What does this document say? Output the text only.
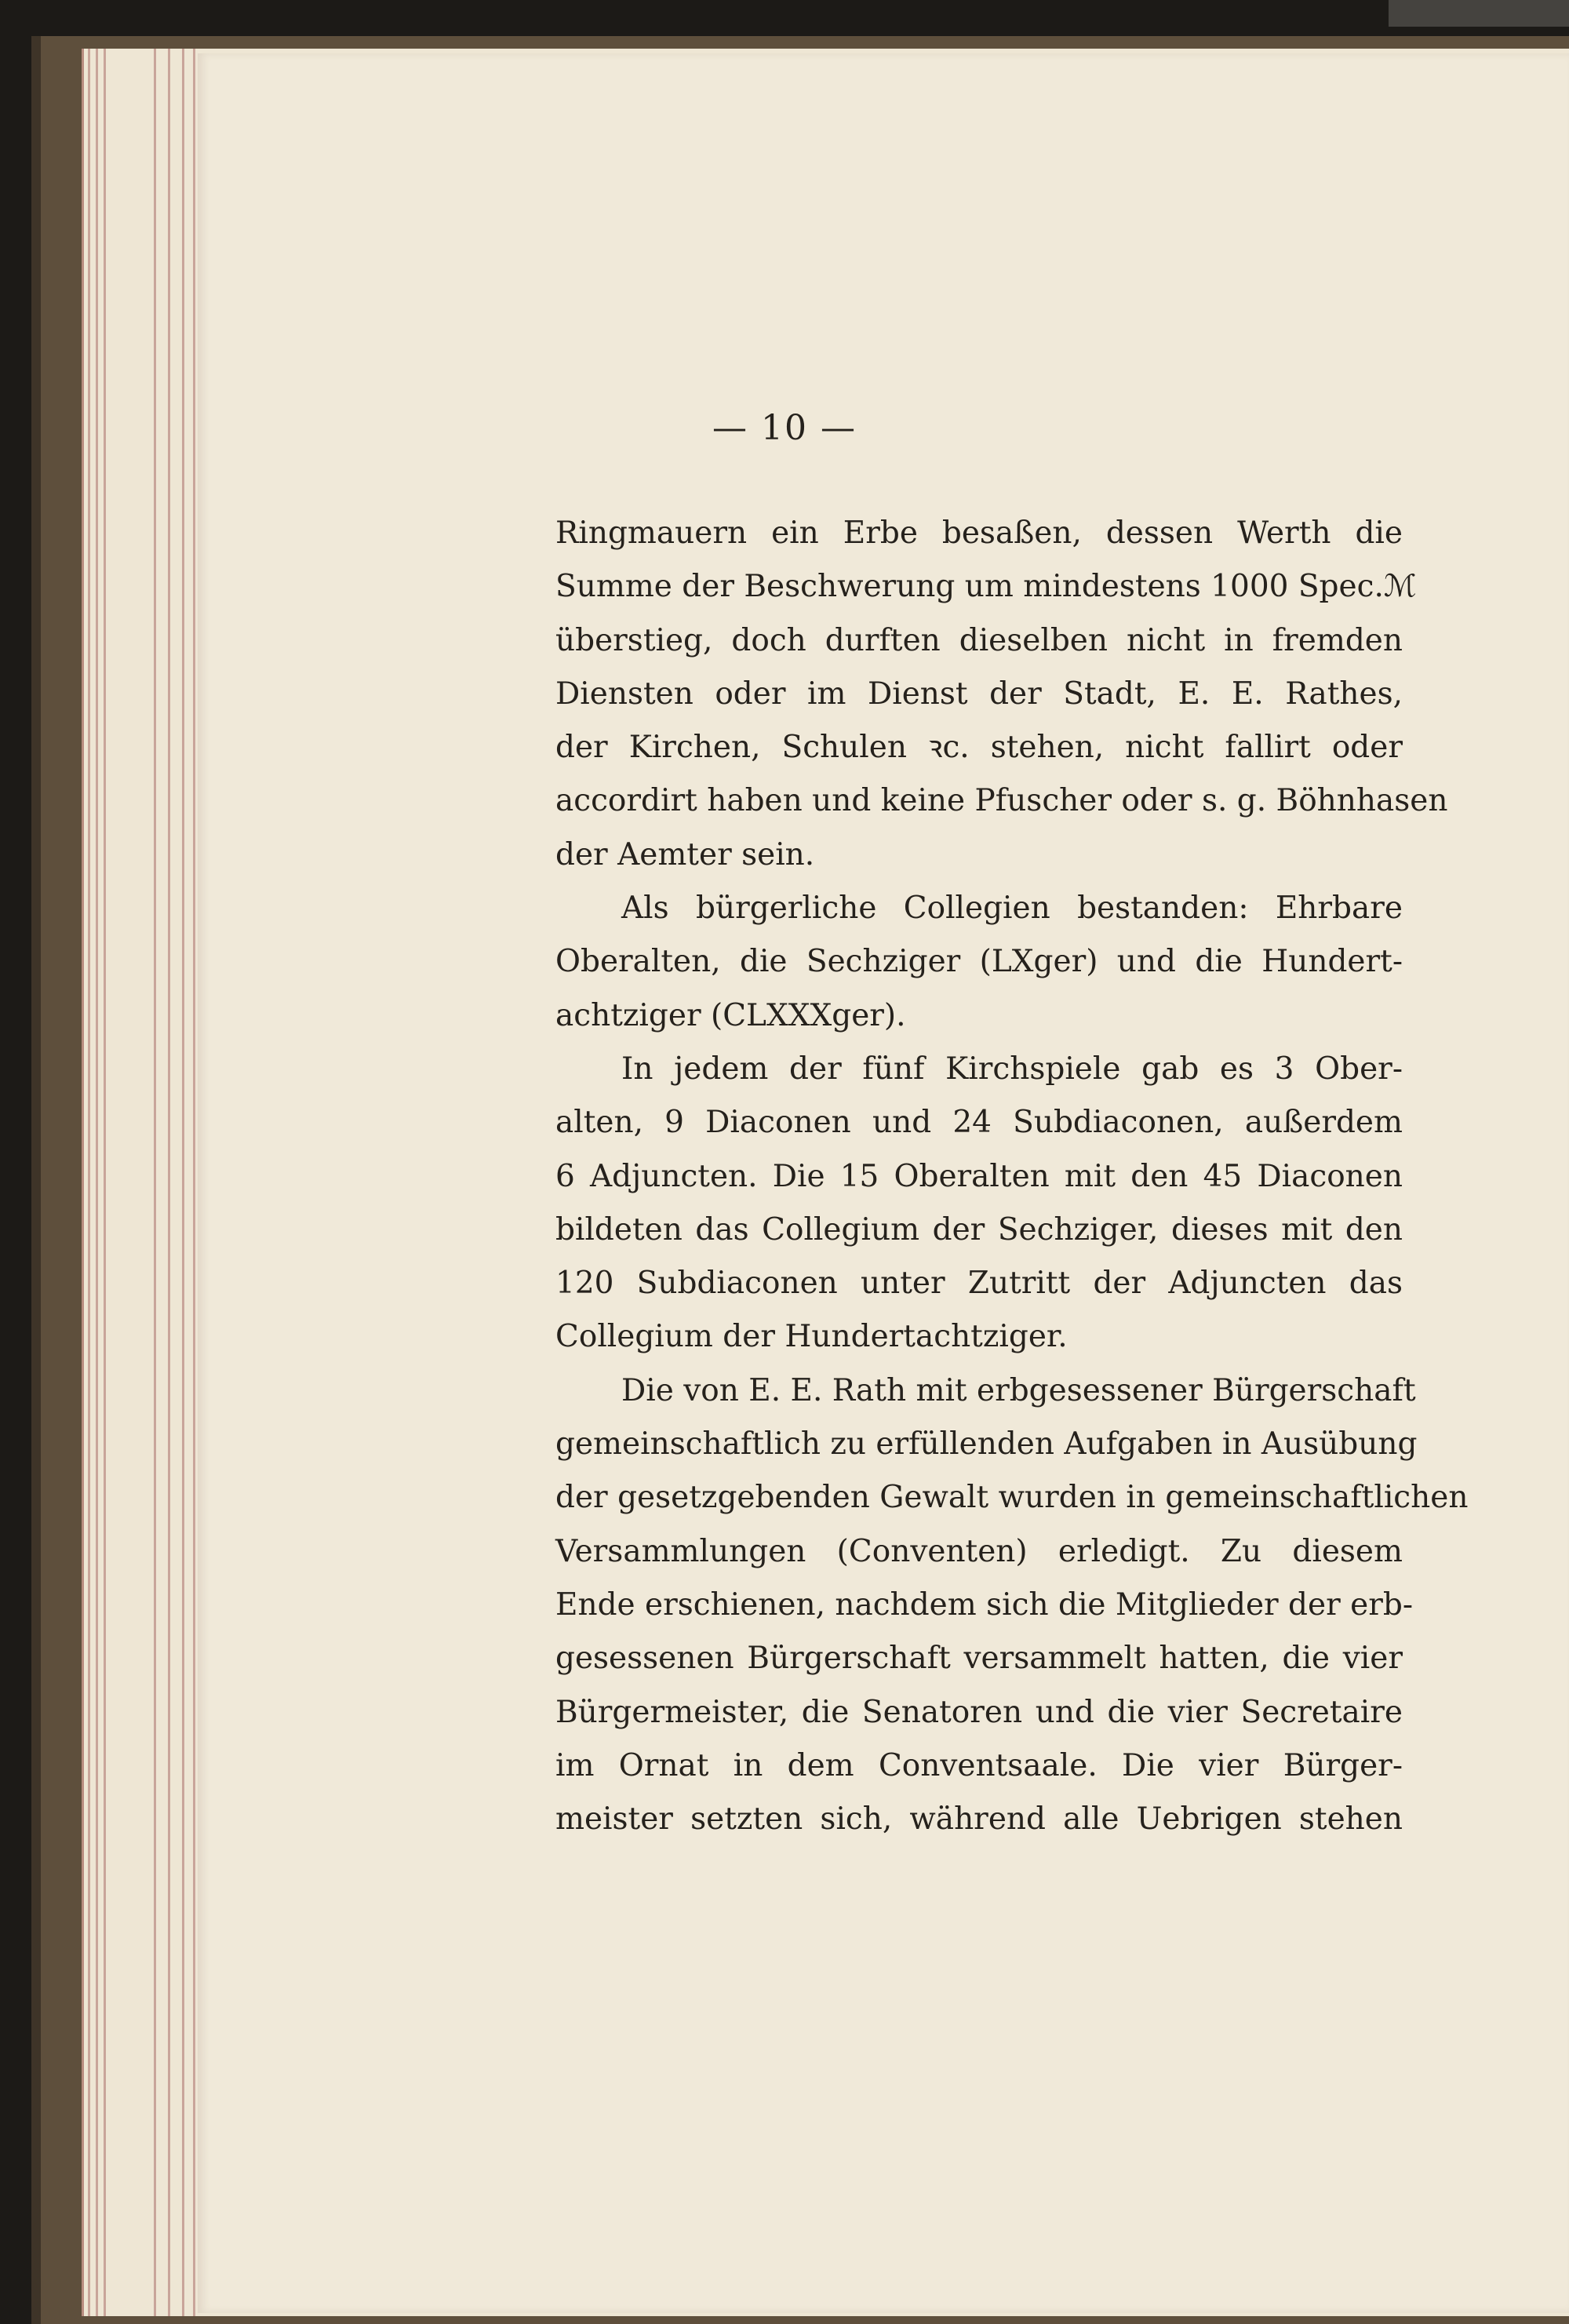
— 10 —
Ringmauern ein Erbe besaßen, dessen Werth die
Summe der Beschwerung um mindestens 1000 Spec.ℳ
überstieg, doch durften dieselben nicht in fremden
Diensten oder im Dienst der Stadt, E. E. Rathes,
der Kirchen, Schulen ꝛc. stehen, nicht fallirt oder
accordirt haben und keine Pfuscher oder s. g. Böhnhasen
der Aemter sein.
Als bürgerliche Collegien bestanden: Ehrbare
Oberalten, die Sechziger (LXger) und die Hundert-
achtziger (CLXXXger).
In jedem der fünf Kirchspiele gab es 3 Ober-
alten, 9 Diaconen und 24 Subdiaconen, außerdem
6 Adjuncten. Die 15 Oberalten mit den 45 Diaconen
bildeten das Collegium der Sechziger, dieses mit den
120 Subdiaconen unter Zutritt der Adjuncten das
Collegium der Hundertachtziger.
Die von E. E. Rath mit erbgesessener Bürgerschaft
gemeinschaftlich zu erfüllenden Aufgaben in Ausübung
der gesetzgebenden Gewalt wurden in gemeinschaftlichen
Versammlungen (Conventen) erledigt. Zu diesem
Ende erschienen, nachdem sich die Mitglieder der erb-
gesessenen Bürgerschaft versammelt hatten, die vier
Bürgermeister, die Senatoren und die vier Secretaire
im Ornat in dem Conventsaale. Die vier Bürger-
meister setzten sich, während alle Uebrigen stehen
